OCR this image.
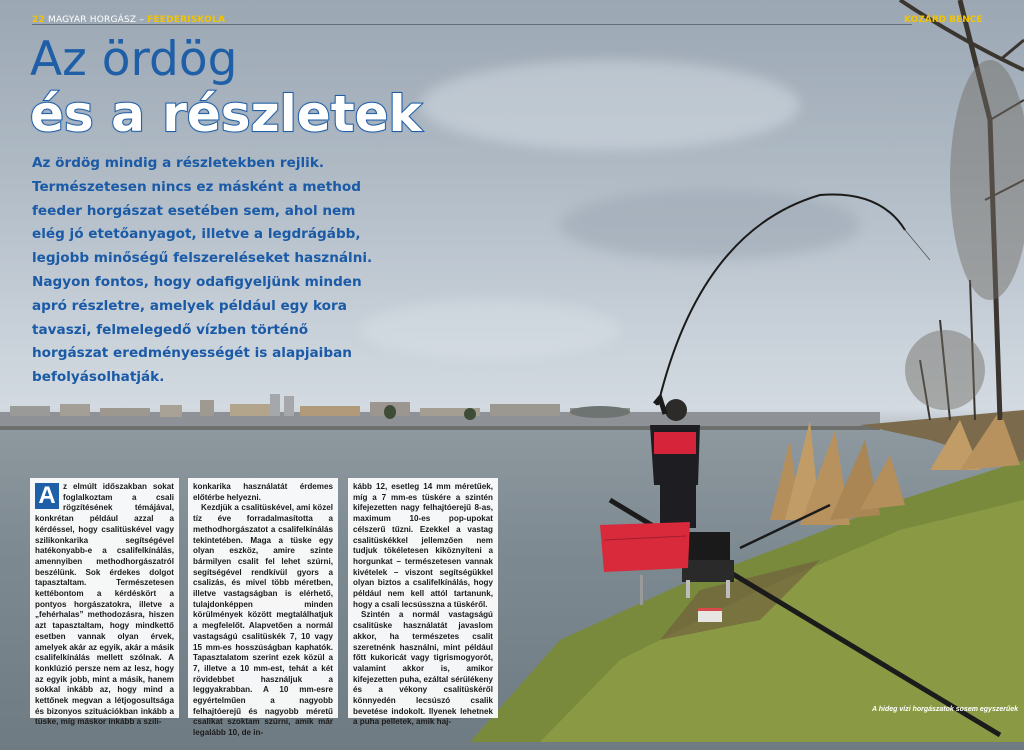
22 MAGYAR HORGÁSZ – FEEDERISKOLA	KOZÁRD BENCE
Az ördög
és a részletek

Az ördög mindig a részletekben rejlik.

Természetesen nincs ez másként a method

feeder horgászat esetében sem, ahol nem

elég jó etetőanyagot, illetve a legdrágább,

legjobb minőségű felszereléseket használni.

Nagyon fontos, hogy odafigyeljünk minden

apró részletre, amelyek például egy kora

tavaszi, felmelegedő vízben történő

horgászat eredményességét is alapjaiban

befolyásolhatják.

A z elmúlt időszakban sokat foglalkoztam a csali rögzítésének témájával, konkrétan például azzal a kérdéssel, hogy csalitüskével vagy szilikonkarika segítségével hatékonyabb-e a csalifelkínálás, amennyiben methodhorgászatról beszélünk. Sok érdekes dolgot tapasztaltam. Természetesen kettébontom a kérdéskört a pontyos horgászatokra, illetve a „fehérhalas” methodozásra, hiszen azt tapasztaltam, hogy mindkettő esetben vannak olyan érvek, amelyek akár az egyik, akár a másik csalifelkínálás mellett szólnak. A konklúzió persze nem az lesz, hogy az egyik jobb, mint a másik, hanem sokkal inkább az, hogy mind a kettőnek megvan a létjogosultsága és bizonyos szituációkban inkább a tüske, míg máskor inkább a szili-

konkarika használatát érdemes előtérbe helyezni.

Kezdjük a csalitüskével, ami közel tíz éve forradalmasította a methodhorgászatot a csalifelkínálás tekintetében. Maga a tüske egy olyan eszköz, amire szinte bármilyen csalit fel lehet szúrni, segítségével rendkívül gyors a csalizás, és mivel több méretben, illetve vastagságban is elérhető, tulajdonképpen minden körülmények között megtalálhatjuk a megfelelőt. Alapvetően a normál vastagságú csalitüskék 7, 10 vagy 15 mm-es hosszúságban kaphatók. Tapasztalatom szerint ezek közül a 7, illetve a 10 mm-est, tehát a két rövidebbet használjuk a leggyakrabban. A 10 mm-esre egyértelműen a nagyobb felhajtóerejű és nagyobb méretű csalikat szoktam szúrni, amik már legalább 10, de in-

kább 12, esetleg 14 mm méretűek, míg a 7 mm-es tüskére a szintén kifejezetten nagy felhajtóerejű 8-as, maximum 10-es pop-upokat célszerű tűzni. Ezekkel a vastag csalitüskékkel jellemzően nem tudjuk tökéletesen kiköznyíteni a horgunkat – természetesen vannak kivételek – viszont segítségükkel olyan biztos a csalifelkínálás, hogy például nem kell attól tartanunk, hogy a csali lecsússzna a tüskéről.

Szintén a normál vastagságú csalitüske használatát javaslom akkor, ha természetes csalit szeretnénk használni, mint például főtt kukoricát vagy tigrismogyorót, valamint akkor is, amikor kifejezetten puha, ezáltal sérülékeny és a vékony csalitüskéről könnyedén lecsúszó csalik bevetése indokolt. Ilyenek lehetnek a puha pelletek, amik haj-

A hideg vízi horgászatok sosem egyszerűek
